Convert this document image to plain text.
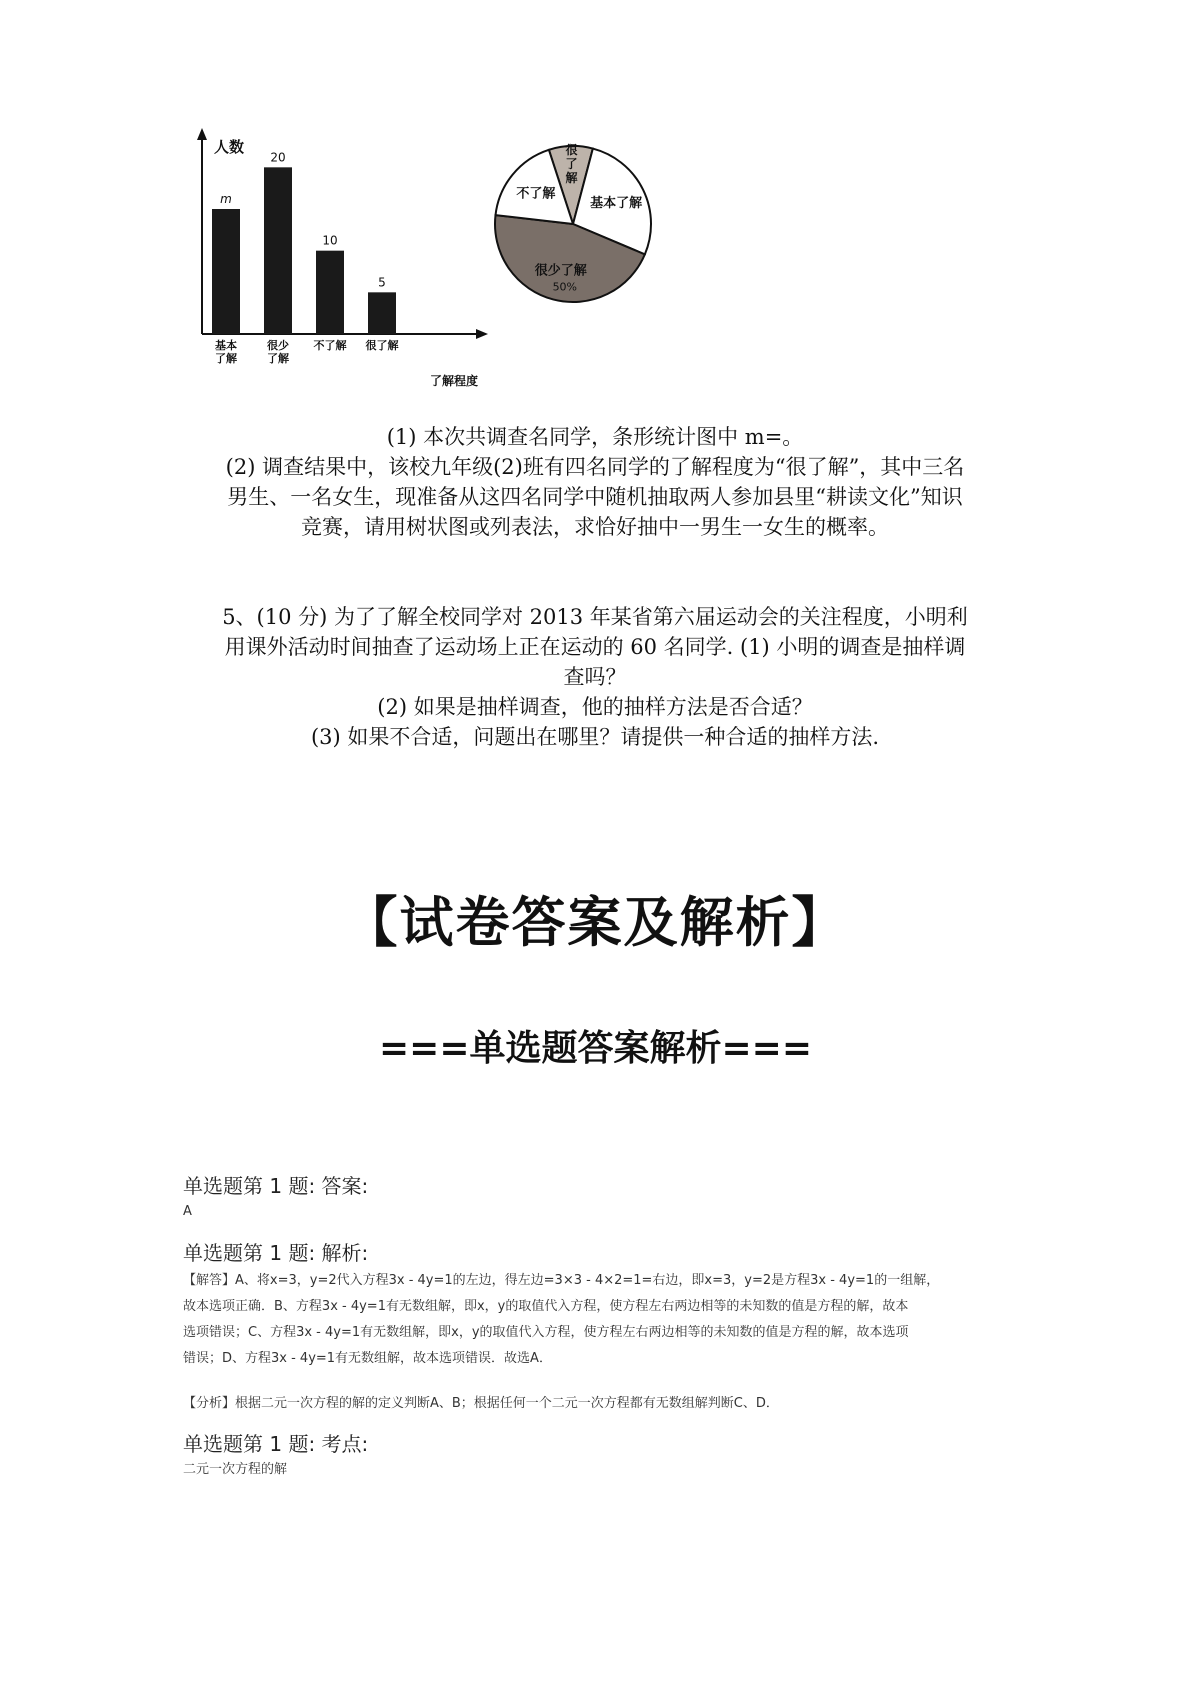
m
基本
了解
20
很少
了解
10
不了解
5
很了解
人数
了解程度
很
了
解
基本了解
很少了解
不了解
50%
(1) 本次共调查名同学，条形统计图中 m=。
(2) 调查结果中，该校九年级(2)班有四名同学的了解程度为“很了解”，其中三名
男生、一名女生，现准备从这四名同学中随机抽取两人参加县里“耕读文化”知识
竞赛，请用树状图或列表法，求恰好抽中一男生一女生的概率。
5、(10 分) 为了了解全校同学对 2013 年某省第六届运动会的关注程度，小明利
用课外活动时间抽查了运动场上正在运动的 60 名同学. (1) 小明的调查是抽样调
查吗？
(2) 如果是抽样调查，他的抽样方法是否合适？
(3) 如果不合适，问题出在哪里？请提供一种合适的抽样方法.
【试卷答案及解析】
===单选题答案解析===
单选题第 1 题: 答案:
A
单选题第 1 题: 解析:
【解答】A、将x=3，y=2代入方程3x - 4y=1的左边，得左边=3×3 - 4×2=1=右边，即x=3，y=2是方程3x - 4y=1的一组解，
故本选项正确．B、方程3x - 4y=1有无数组解，即x，y的取值代入方程，使方程左右两边相等的未知数的值是方程的解，故本
选项错误；C、方程3x - 4y=1有无数组解，即x，y的取值代入方程，使方程左右两边相等的未知数的值是方程的解，故本选项
错误；D、方程3x - 4y=1有无数组解，故本选项错误．故选A．
【分析】根据二元一次方程的解的定义判断A、B；根据任何一个二元一次方程都有无数组解判断C、D．
单选题第 1 题: 考点:
二元一次方程的解
